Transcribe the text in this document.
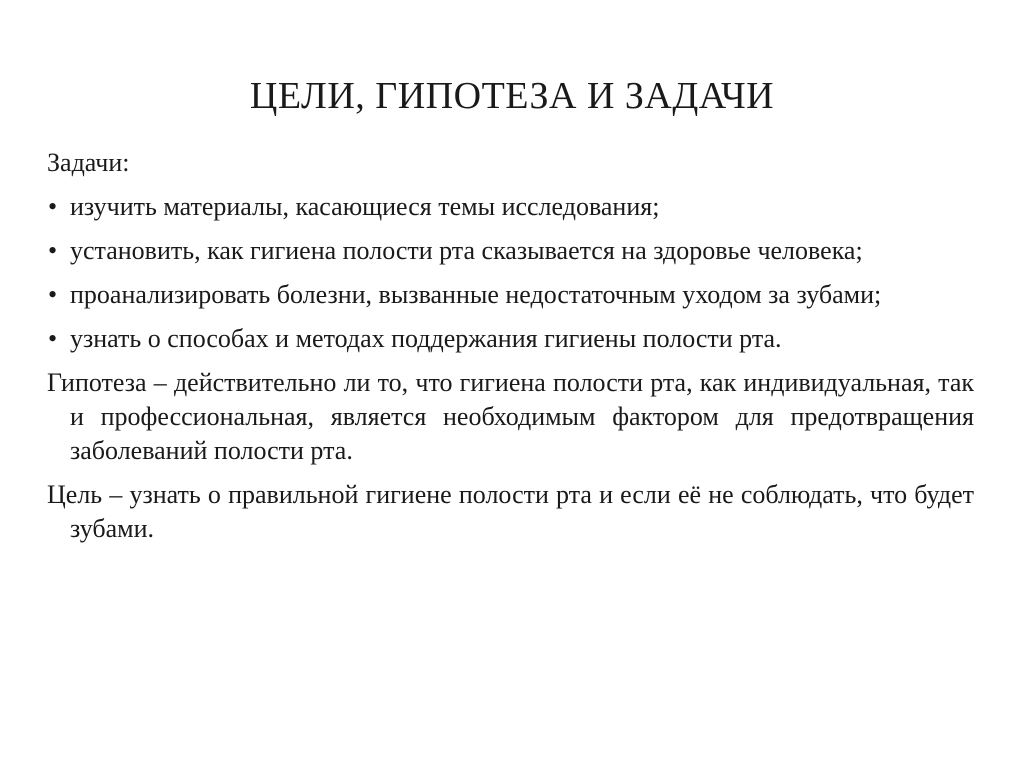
ЦЕЛИ, ГИПОТЕЗА И ЗАДАЧИ
Задачи:
• изучить материалы, касающиеся темы исследования;
• установить, как гигиена полости рта сказывается на здоровье человека;
• проанализировать болезни, вызванные недостаточным уходом за зубами;
• узнать о способах и методах поддержания гигиены полости рта.
Гипотеза – действительно ли то, что гигиена полости рта, как индивидуальная, так и профессиональная, является необходимым фактором для предотвращения заболеваний полости рта.
Цель – узнать о правильной гигиене полости рта и если её не соблюдать, что будет зубами.
